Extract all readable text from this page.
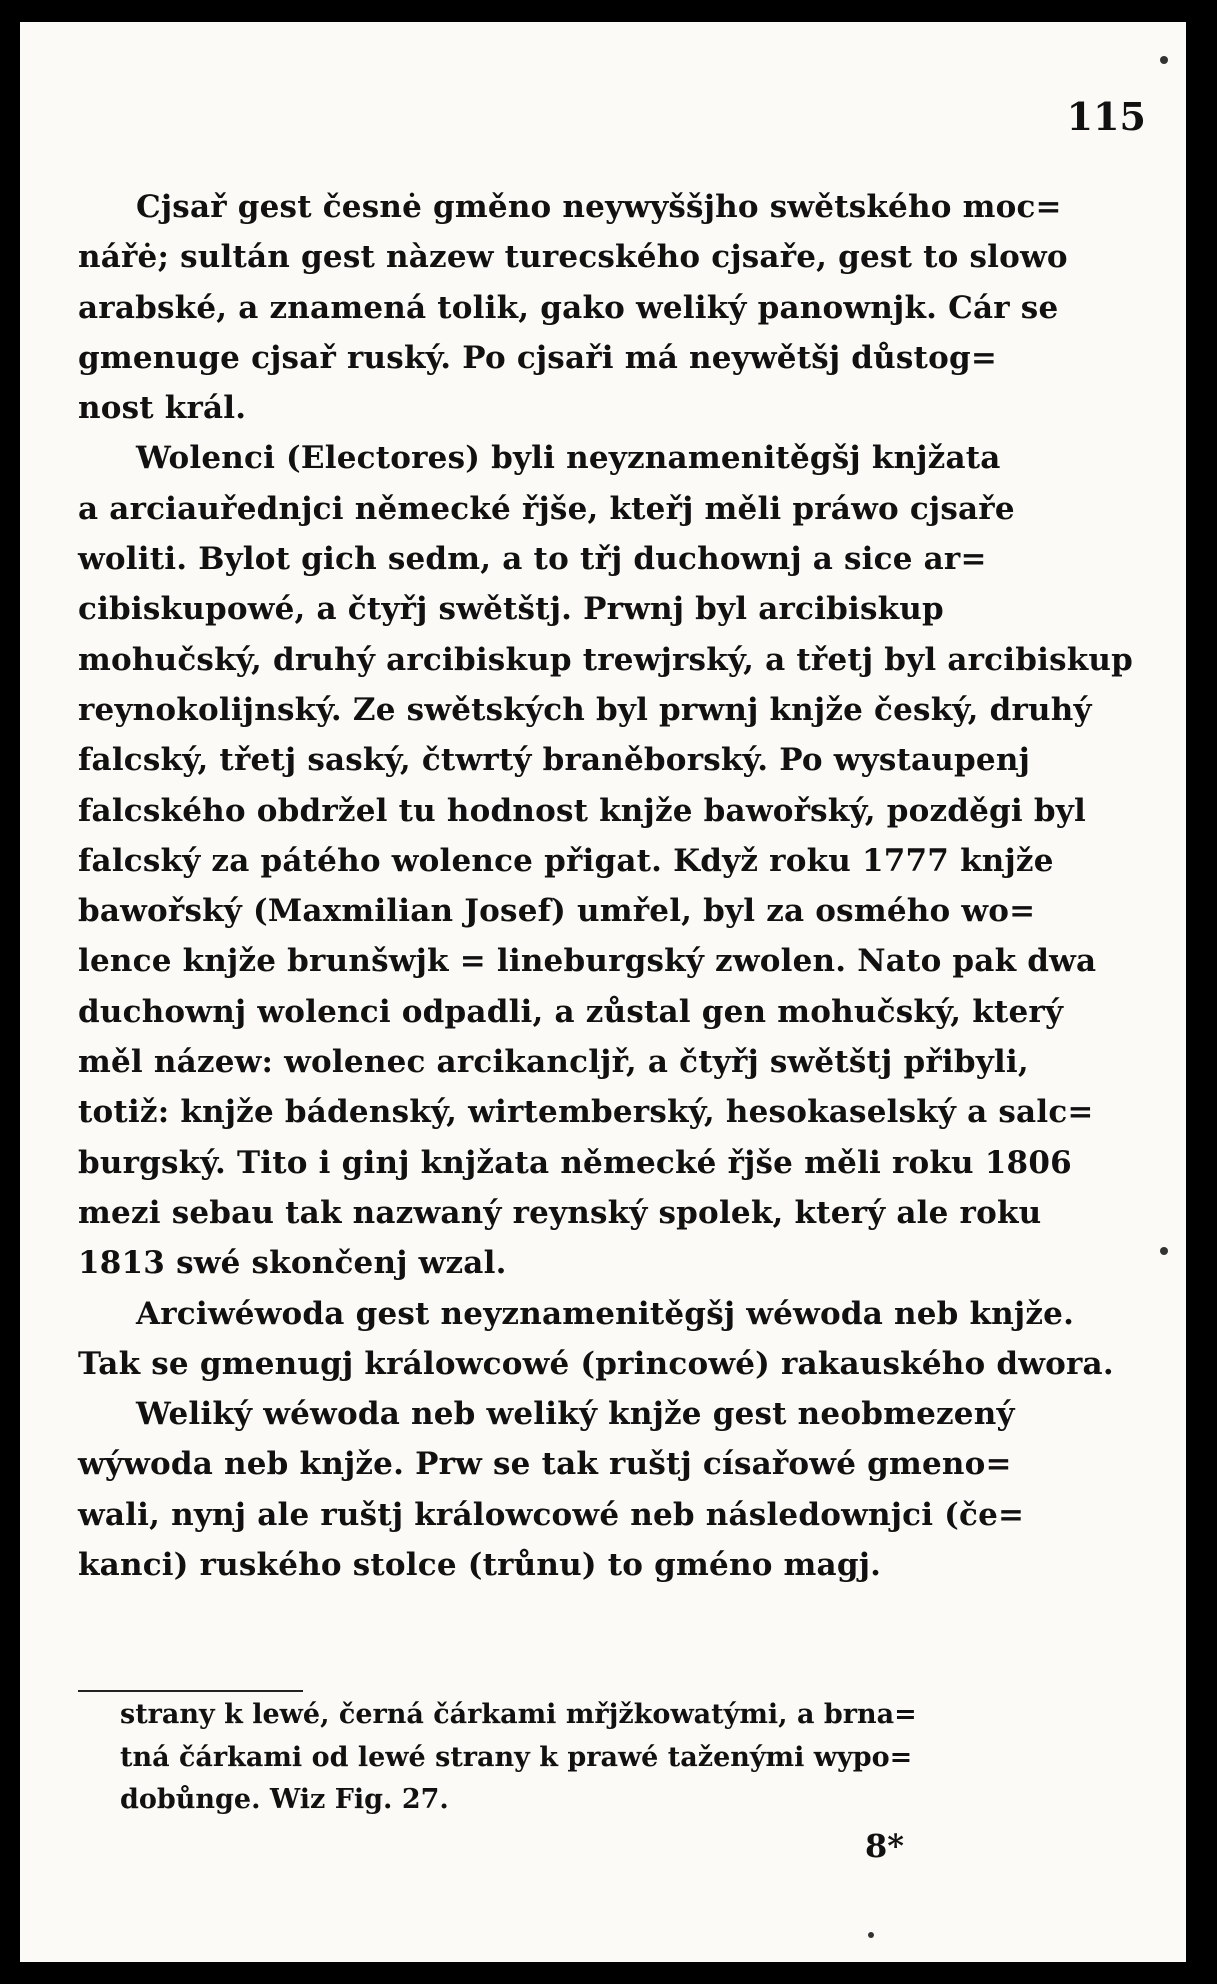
115
Cjsař gest česnė gměno neywyššjho swětského moc=
nářė; sultán gest nàzew turecského cjsaře, gest to slowo
arabské, a znamená tolik, gako weliký panownjk. Cár se
gmenuge cjsař ruský. Po cjsaři má neywětšj důstog=
nost král.
Wolenci (Electores) byli neyznamenitěgšj knjžata
a arciauřednjci německé řjše, kteřj měli práwo cjsaře
woliti. Bylot gich sedm, a to třj duchownj a sice ar=
cibiskupowé, a čtyřj swětštj. Prwnj byl arcibiskup
mohučský, druhý arcibiskup trewjrský, a třetj byl arcibiskup
reynokolijnský. Ze swětských byl prwnj knjže český, druhý
falcský, třetj saský, čtwrtý braněborský. Po wystaupenj
falcského obdržel tu hodnost knjže bawořský, pozděgi byl
falcský za pátého wolence přigat. Když roku 1777 knjže
bawořský (Maxmilian Josef) umřel, byl za osmého wo=
lence knjže brunšwjk = lineburgský zwolen. Nato pak dwa
duchownj wolenci odpadli, a zůstal gen mohučský, který
měl názew: wolenec arcikancljř, a čtyřj swětštj přibyli,
totiž: knjže bádenský, wirtemberský, hesokaselský a salc=
burgský. Tito i ginj knjžata německé řjše měli roku 1806
mezi sebau tak nazwaný reynský spolek, který ale roku
1813 swé skončenj wzal.
Arciwéwoda gest neyznamenitěgšj wéwoda neb knjže.
Tak se gmenugj králowcowé (princowé) rakauského dwora.
Weliký wéwoda neb weliký knjže gest neobmezený
wýwoda neb knjže. Prw se tak ruštj císařowé gmeno=
wali, nynj ale ruštj králowcowé neb následownjci (če=
kanci) ruského stolce (trůnu) to gméno magj.
strany k lewé, černá čárkami mřjžkowatými, a brna=
tná čárkami od lewé strany k prawé taženými wypo=
dobůnge. Wiz Fig. 27.
8*
